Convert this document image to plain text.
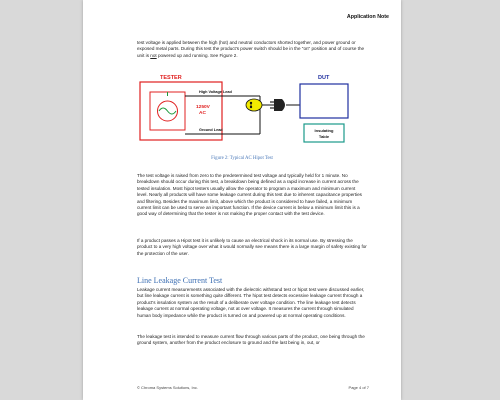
Application Note

test voltage is applied between the high (hot) and neutral conductors shorted together, and power ground or exposed metal parts. During this test the product's power switch should be in the "on" position and of course the unit is not powered up and running. See Figure 2.

TESTER
1250V
AC
High Voltage Lead
Ground Lead
DUT
Insulating
Table
Figure 2: Typical AC Hipot Test

The test voltage is raised from zero to the predetermined test voltage and typically held for 1 minute. No breakdown should occur during this test, a breakdown being defined as a rapid increase in current across the tested insulation. Most hipot testers usually allow the operator to program a maximum and minimum current level. Nearly all products will have some leakage current during this test due to inherent capacitance properties and filtering. Besides the maximum limit, above which the product is considered to have failed, a minimum current limit can be used to serve an important function. If the device current is below a minimum limit this is a good way of determining that the tester is not making the proper contact with the test device.

If a product passes a Hipot test it is unlikely to cause an electrical shock in its normal use. By stressing the product to a very high voltage over what it would normally see means there is a large margin of safety existing for the protection of the user.

Line Leakage Current Test

Leakage current measurements associated with the dielectric withstand test or hipot test were discussed earlier, but line leakage current is something quite different. The hipot test detects excessive leakage current through a product's insulation system as the result of a deliberate over voltage condition. The line leakage test detects leakage current at normal operating voltage, not at over voltage. It measures the current through simulated human body impedance while the product is turned on and powered up at normal operating conditions.

The leakage test is intended to measure current flow through various parts of the product, one being through the ground system, another from the product enclosure to ground and the last being in, out, or

© Chroma Systems Solutions, Inc.	Page 4 of 7
